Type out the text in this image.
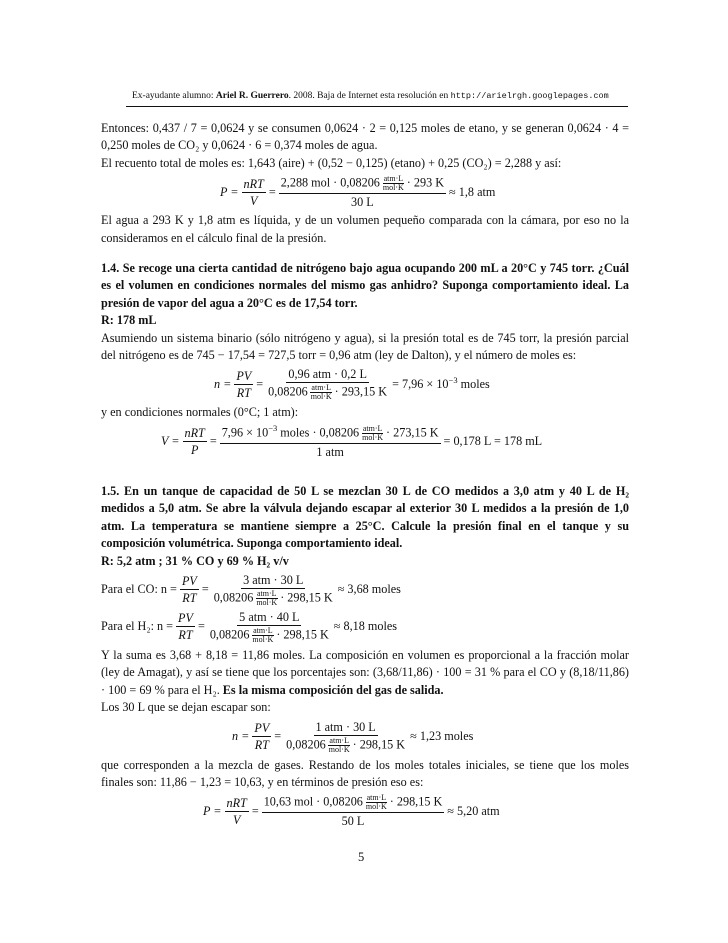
Ex-ayudante alumno: Ariel R. Guerrero. 2008. Baja de Internet esta resolución en http://arielrgh.googlepages.com

Entonces: 0,437 / 7 = 0,0624 y se consumen 0,0624 · 2 = 0,125 moles de etano, y se generan 0,0624 · 4 = 0,250 moles de CO₂ y 0,0624 · 6 = 0,374 moles de agua.

El recuento total de moles es: 1,643 (aire) + (0,52 − 0,125) (etano) + 0,25 (CO₂) = 2,288 y así:

$P = \frac{\text{nRT}}{V} = \frac{2,288 mol \cdot 0,08206 \frac{\text{atm·L}}{\text{mol·K}} \cdot 293 K}{30 L} \approx 1,8$ atm

El agua a 293 K y 1,8 atm es líquida, y de un volumen pequeño comparada con la cámara, por eso no la consideramos en el cálculo final de la presión.

1.4. Se recoge una cierta cantidad de nitrógeno bajo agua ocupando 200 mL a 20°C y 745 torr. ¿Cuál es el volumen en condiciones normales del mismo gas anhidro? Suponga comportamiento ideal. La presión de vapor del agua a 20°C es de 17,54 torr.

R: 178 mL

Asumiendo un sistema binario (sólo nitrógeno y agua), si la presión total es de 745 torr, la presión parcial del nitrógeno es de 745 − 17,54 = 727,5 torr = 0,96 atm (ley de Dalton), y el número de moles es:

$n = \frac{PV}{RT} = \frac{\text{0,96 atm · 0,2 L}}{0,08206 \frac{\text{atm·L}}{\text{mol·K}} \cdot 293,15 K} = 7,96 \times 10^{-3}$ moles

y en condiciones normales (0°C; 1 atm):

$V = \frac{\text{nRT}}{P} = \frac{7,96 \times 10^{-3} moles \cdot 0,08206 \frac{\text{atm·L}}{\text{mol·K}} \cdot 273,15 K}{\text{1 atm}} = 0,178$ L = 178 mL

1.5. En un tanque de capacidad de 50 L se mezclan 30 L de CO medidos a 3,0 atm y 40 L de H₂ medidos a 5,0 atm. Se abre la válvula dejando escapar al exterior 30 L medidos a la presión de 1,0 atm. La temperatura se mantiene siempre a 25°C. Calcule la presión final en el tanque y su composición volumétrica. Suponga comportamiento ideal.

R: 5,2 atm ; 31 % CO y 69 % H₂ v/v

Para el CO: $n = \frac{PV}{RT} = \frac{\text{3 atm · 30 L}}{0,08206 \frac{\text{atm·L}}{\text{mol·K}} \cdot 298,15 K} \approx 3,68$ moles
Para el H₂: $n = \frac{PV}{RT} = \frac{\text{5 atm · 40 L}}{0,08206 \frac{\text{atm·L}}{\text{mol·K}} \cdot 298,15 K} \approx 8,18$ moles

Y la suma es 3,68 + 8,18 = 11,86 moles. La composición en volumen es proporcional a la fracción molar (ley de Amagat), y así se tiene que los porcentajes son: (3,68/11,86) · 100 = 31 % para el CO y (8,18/11,86) · 100 = 69 % para el H₂. Es la misma composición del gas de salida.

Los 30 L que se dejan escapar son:

$n = \frac{PV}{RT} = \frac{\text{1 atm · 30 L}}{0,08206 \frac{\text{atm·L}}{\text{mol·K}} \cdot 298,15 K} \approx 1,23$ moles

que corresponden a la mezcla de gases. Restando de los moles totales iniciales, se tiene que los moles finales son: 11,86 − 1,23 = 10,63, y en términos de presión eso es:

$P = \frac{\text{nRT}}{V} = \frac{10,63 mol \cdot 0,08206 \frac{\text{atm·L}}{\text{mol·K}} \cdot 298,15 K}{50 L} \approx 5,20$ atm
5
